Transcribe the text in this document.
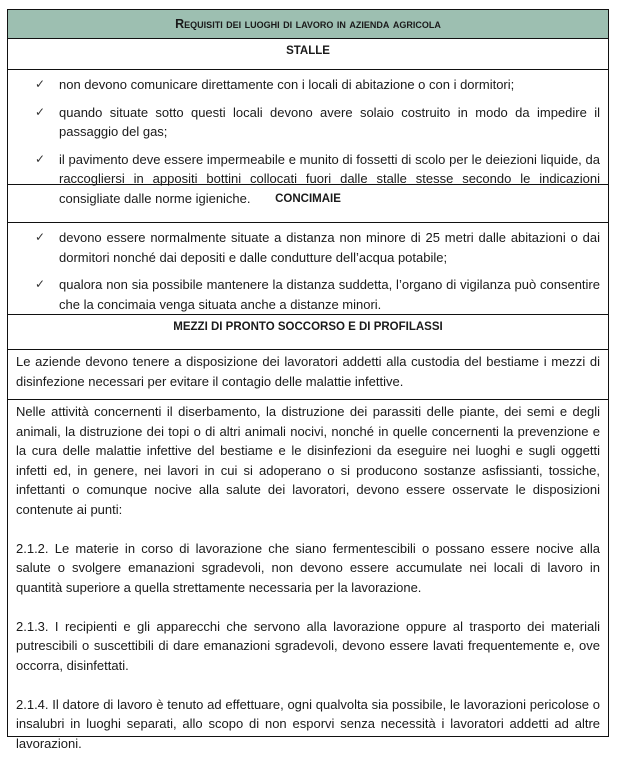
Requisiti dei luoghi di lavoro in azienda agricola
STALLE
✓ non devono comunicare direttamente con i locali di abitazione o con i dormitori;
✓ quando situate sotto questi locali devono avere solaio costruito in modo da impedire il passaggio del gas;
✓ il pavimento deve essere impermeabile e munito di fossetti di scolo per le deiezioni liquide, da raccogliersi in appositi bottini collocati fuori dalle stalle stesse secondo le indicazioni consigliate dalle norme igieniche.	CONCIMAIE
✓ devono essere normalmente situate a distanza non minore di 25 metri dalle abitazioni o dai dormitori nonché dai depositi e dalle condutture dell’acqua potabile;
✓ qualora non sia possibile mantenere la distanza suddetta, l’organo di vigilanza può consentire che la concimaia venga situata anche a distanze minori.
MEZZI DI PRONTO SOCCORSO E DI PROFILASSI
Le aziende devono tenere a disposizione dei lavoratori addetti alla custodia del bestiame i mezzi di disinfezione necessari per evitare il contagio delle malattie infettive.
Nelle attività concernenti il diserbamento, la distruzione dei parassiti delle piante, dei semi e degli animali, la distruzione dei topi o di altri animali nocivi, nonché in quelle concernenti la prevenzione e la cura delle malattie infettive del bestiame e le disinfezioni da eseguire nei luoghi e sugli oggetti infetti ed, in genere, nei lavori in cui si adoperano o si producono sostanze asfissianti, tossiche, infettanti o comunque nocive alla salute dei lavoratori, devono essere osservate le disposizioni contenute ai punti:
2.1.2. Le materie in corso di lavorazione che siano fermentescibili o possano essere nocive alla salute o svolgere emanazioni sgradevoli, non devono essere accumulate nei locali di lavoro in quantità superiore a quella strettamente necessaria per la lavorazione.
2.1.3. I recipienti e gli apparecchi che servono alla lavorazione oppure al trasporto dei materiali putrescibili o suscettibili di dare emanazioni sgradevoli, devono essere lavati frequentemente e, ove occorra, disinfettati.
2.1.4. Il datore di lavoro è tenuto ad effettuare, ogni qualvolta sia possibile, le lavorazioni pericolose o insalubri in luoghi separati, allo scopo di non esporvi senza necessità i lavoratori addetti ad altre lavorazioni.
